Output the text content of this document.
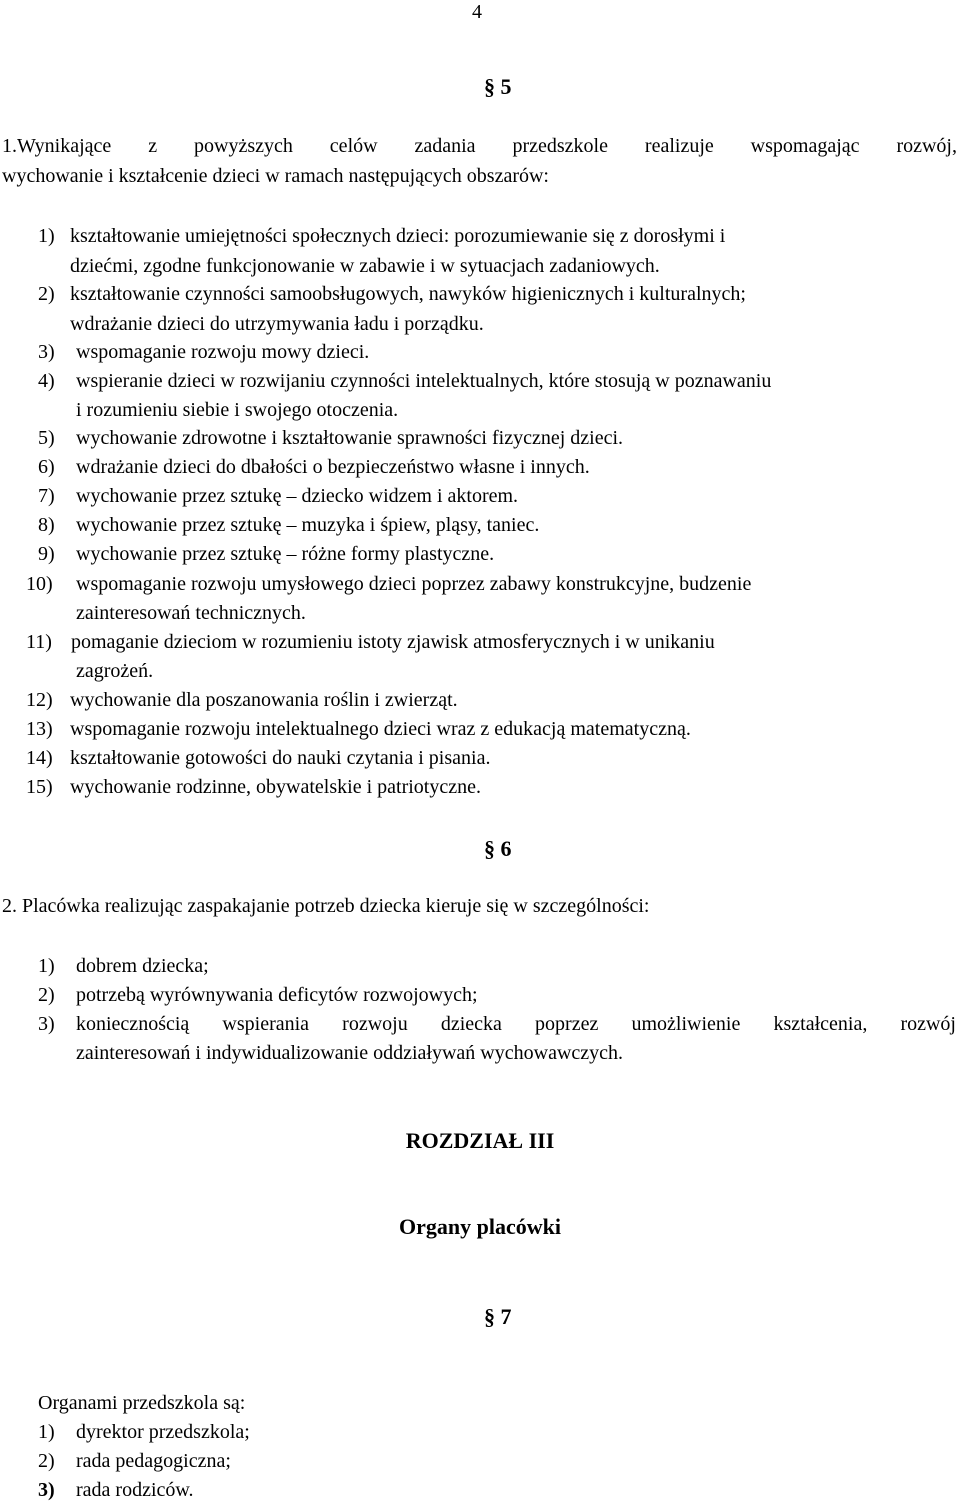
4
§ 5
1.Wynikające z powyższych celów zadania przedszkole realizuje wspomagając rozwój,
wychowanie i kształcenie dzieci w ramach następujących obszarów:
1) kształtowanie umiejętności społecznych dzieci: porozumiewanie się z dorosłymi i
dziećmi, zgodne funkcjonowanie w zabawie i w sytuacjach zadaniowych.
2) kształtowanie czynności samoobsługowych, nawyków higienicznych i kulturalnych;
wdrażanie dzieci do utrzymywania ładu i porządku.
3) wspomaganie rozwoju mowy dzieci.
4) wspieranie dzieci w rozwijaniu czynności intelektualnych, które stosują w poznawaniu
i rozumieniu siebie i swojego otoczenia.
5) wychowanie zdrowotne i kształtowanie sprawności fizycznej dzieci.
6) wdrażanie dzieci do dbałości o bezpieczeństwo własne i innych.
7) wychowanie przez sztukę – dziecko widzem i aktorem.
8) wychowanie przez sztukę – muzyka i śpiew, pląsy, taniec.
9) wychowanie przez sztukę – różne formy plastyczne.
10) wspomaganie rozwoju umysłowego dzieci poprzez zabawy konstrukcyjne, budzenie
zainteresowań technicznych.
11) pomaganie dzieciom w rozumieniu istoty zjawisk atmosferycznych i w unikaniu
zagrożeń.
12) wychowanie dla poszanowania roślin i zwierząt.
13) wspomaganie rozwoju intelektualnego dzieci wraz z edukacją matematyczną.
14) kształtowanie gotowości do nauki czytania i pisania.
15) wychowanie rodzinne, obywatelskie i patriotyczne.
§ 6
2. Placówka realizując zaspakajanie potrzeb dziecka kieruje się w szczególności:
1) dobrem dziecka;
2) potrzebą wyrównywania deficytów rozwojowych;
3) koniecznością wspierania rozwoju dziecka poprzez umożliwienie kształcenia, rozwój
zainteresowań i indywidualizowanie oddziaływań wychowawczych.
ROZDZIAŁ III
Organy placówki
§ 7
Organami przedszkola są:
1) dyrektor przedszkola;
2) rada pedagogiczna;
3) rada rodziców.
